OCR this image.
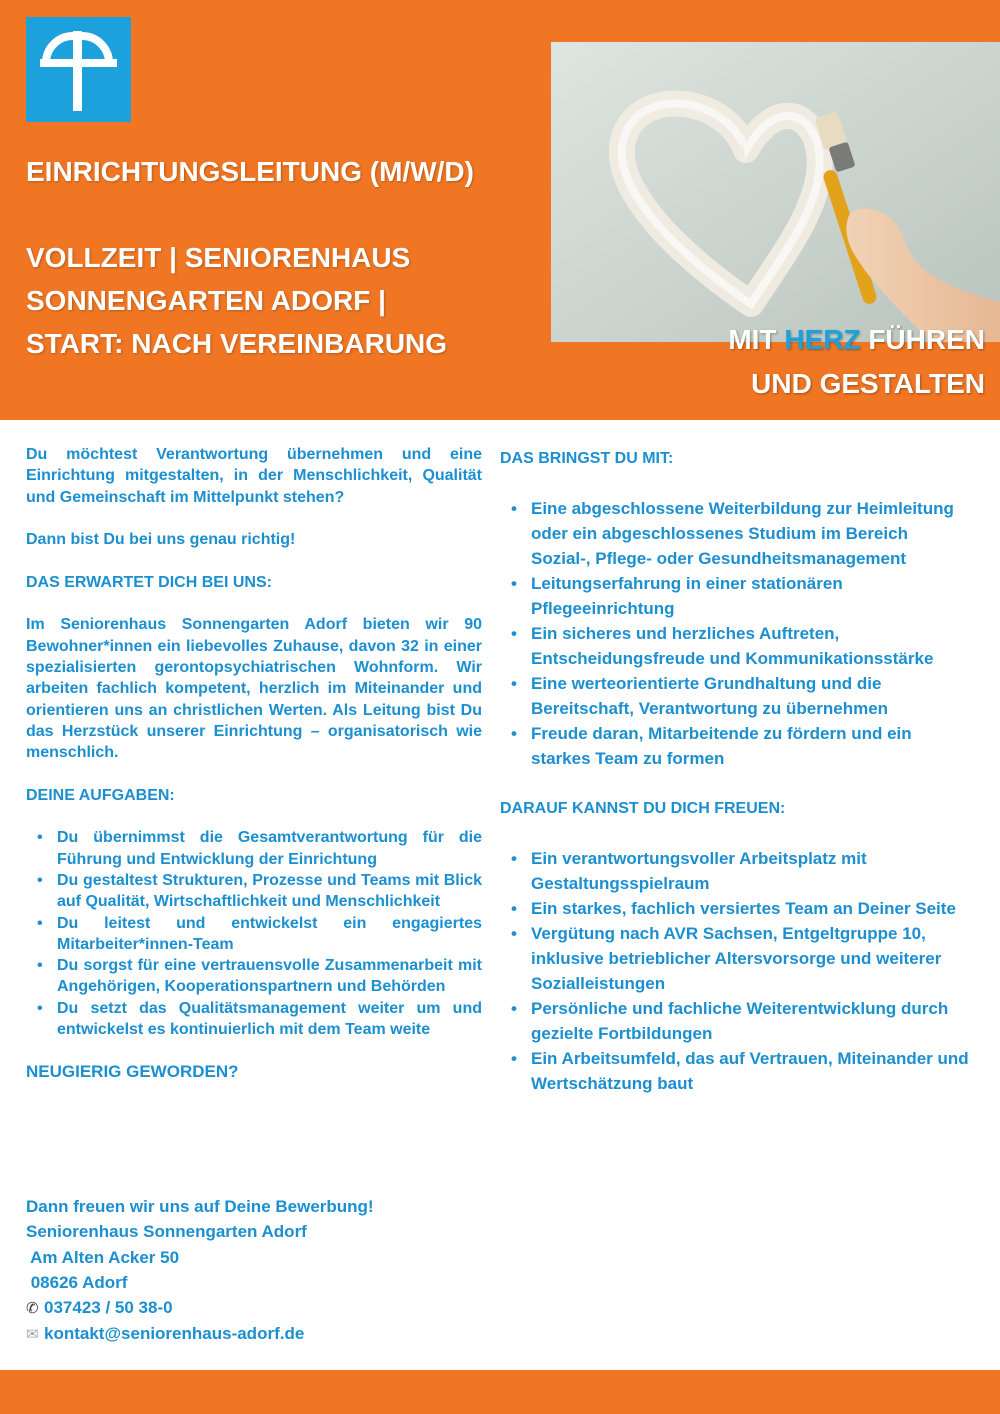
EINRICHTUNGSLEITUNG (M/W/D)
VOLLZEIT | SENIORENHAUS
SONNENGARTEN ADORF |
START: NACH VEREINBARUNG	MIT HERZ FÜHREN
UND GESTALTEN

Du möchtest Verantwortung übernehmen und eine Einrichtung mitgestalten, in der Menschlichkeit, Qualität und Gemeinschaft im Mittelpunkt stehen?

Dann bist Du bei uns genau richtig!

DAS ERWARTET DICH BEI UNS:

Im Seniorenhaus Sonnengarten Adorf bieten wir 90 Bewohner*innen ein liebevolles Zuhause, davon 32 in einer spezialisierten gerontopsychiatrischen Wohnform. Wir arbeiten fachlich kompetent, herzlich im Miteinander und orientieren uns an christlichen Werten. Als Leitung bist Du das Herzstück unserer Einrichtung – organisatorisch wie menschlich.

DEINE AUFGABEN:

• Du übernimmst die Gesamtverantwortung für die Führung und Entwicklung der Einrichtung
• Du gestaltest Strukturen, Prozesse und Teams mit Blick auf Qualität, Wirtschaftlichkeit und Menschlichkeit
• Du leitest und entwickelst ein engagiertes Mitarbeiter*innen-Team
• Du sorgst für eine vertrauensvolle Zusammenarbeit mit Angehörigen, Kooperationspartnern und Behörden
• Du setzt das Qualitätsmanagement weiter um und entwickelst es kontinuierlich mit dem Team weite

NEUGIERIG GEWORDEN?

Dann freuen wir uns auf Deine Bewerbung!
Seniorenhaus Sonnengarten Adorf
Am Alten Acker 50
08626 Adorf
✆ 037423 / 50 38-0
✉ kontakt@seniorenhaus-adorf.de

DAS BRINGST DU MIT:

• Eine abgeschlossene Weiterbildung zur Heimleitung oder ein abgeschlossenes Studium im Bereich Sozial-, Pflege- oder Gesundheitsmanagement
• Leitungserfahrung in einer stationären Pflegeeinrichtung
• Ein sicheres und herzliches Auftreten, Entscheidungsfreude und Kommunikationsstärke
• Eine werteorientierte Grundhaltung und die Bereitschaft, Verantwortung zu übernehmen
• Freude daran, Mitarbeitende zu fördern und ein starkes Team zu formen

DARAUF KANNST DU DICH FREUEN:

• Ein verantwortungsvoller Arbeitsplatz mit Gestaltungsspielraum
• Ein starkes, fachlich versiertes Team an Deiner Seite
• Vergütung nach AVR Sachsen, Entgeltgruppe 10, inklusive betrieblicher Altersvorsorge und weiterer Sozialleistungen
• Persönliche und fachliche Weiterentwicklung durch gezielte Fortbildungen
• Ein Arbeitsumfeld, das auf Vertrauen, Miteinander und Wertschätzung baut
